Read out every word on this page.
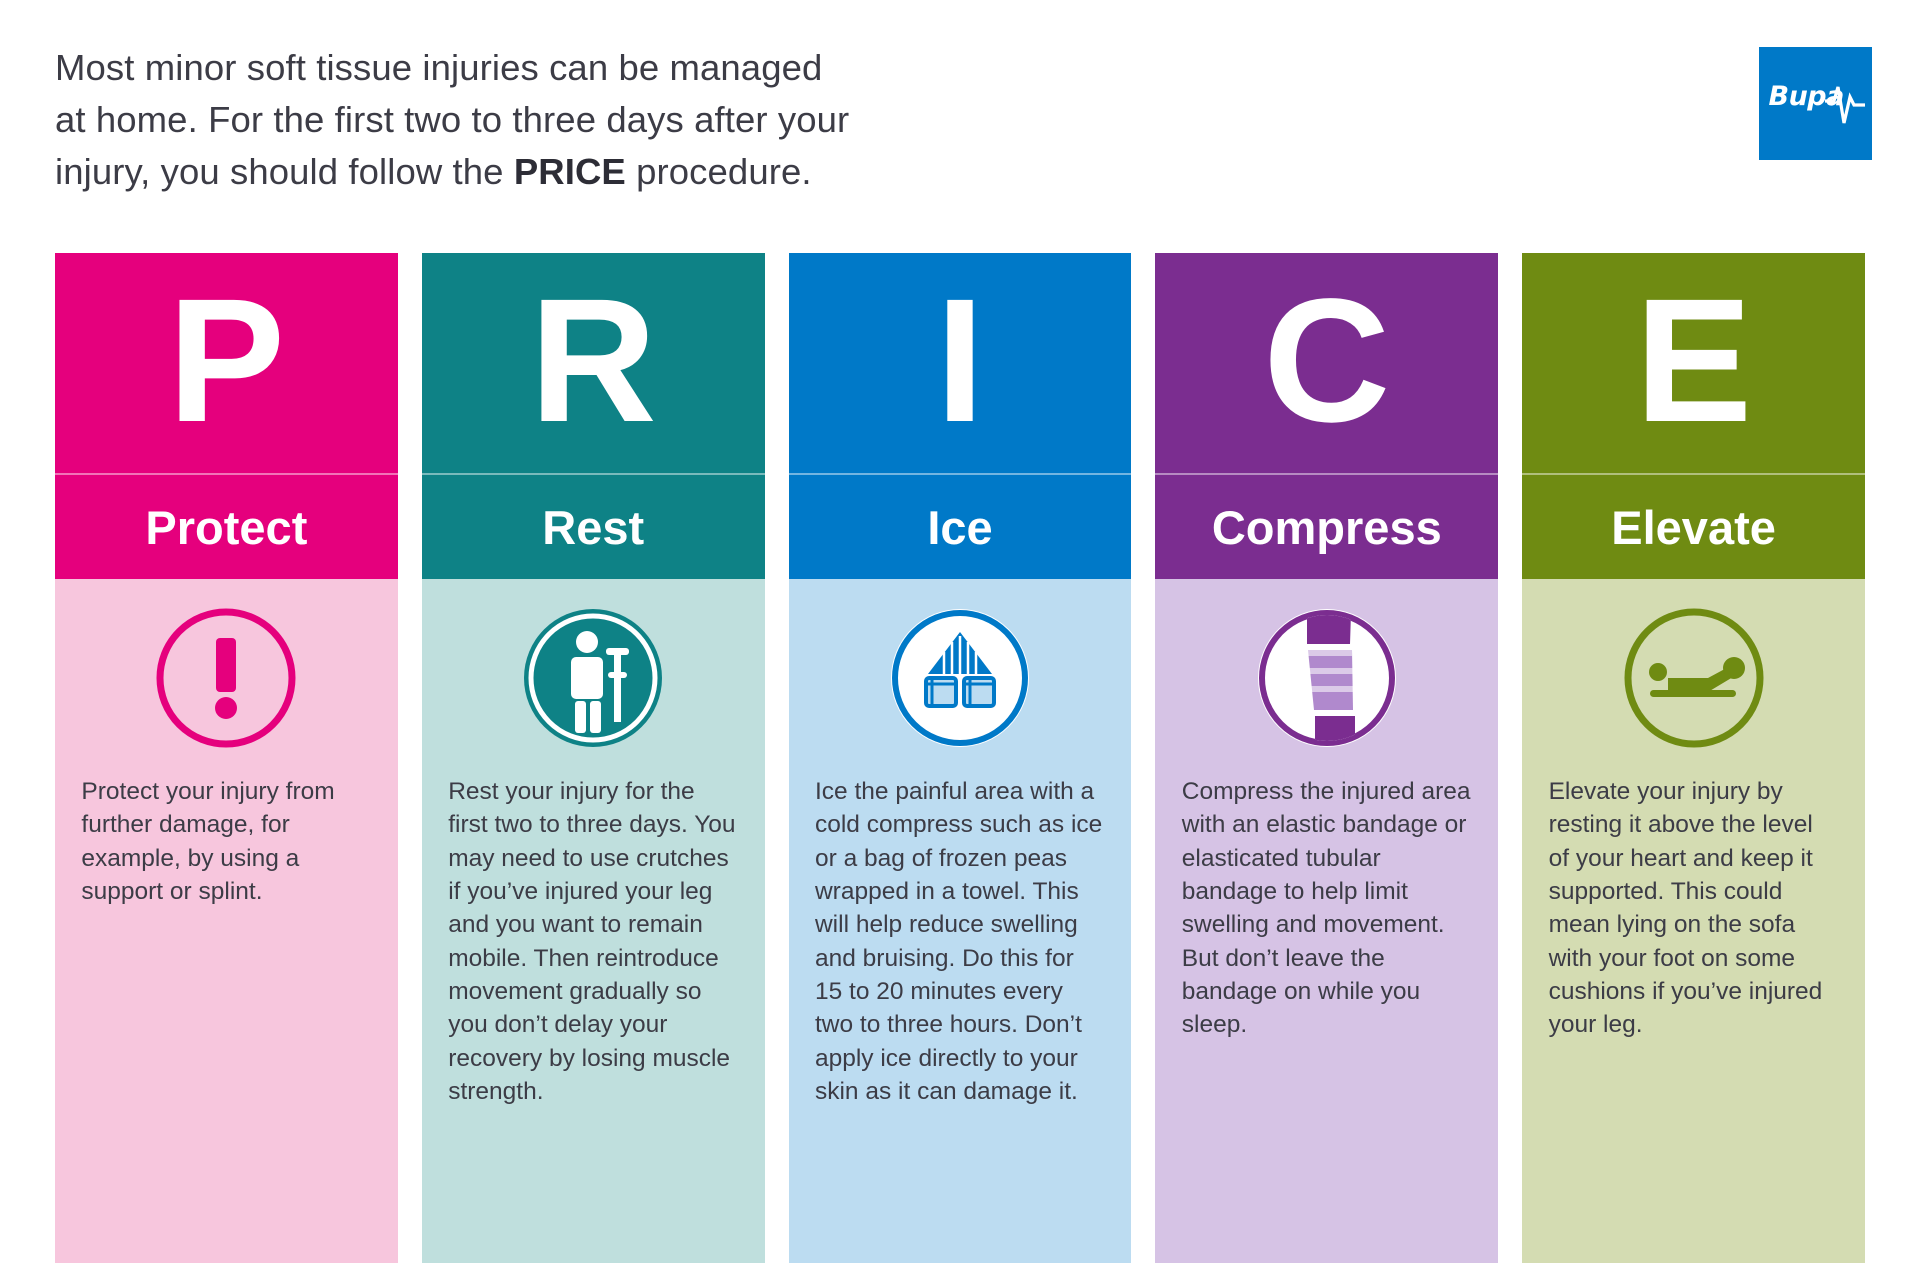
Most minor soft tissue injuries can be managed
at home. For the first two to three days after your
injury, you should follow the PRICE procedure.
Bupa
P
Protect
Protect your injury from further damage, for example, by using a support or splint.
R
Rest
Rest your injury for the first two to three days. You may need to use crutches if you’ve injured your leg and you want to remain mobile. Then reintroduce movement gradually so you don’t delay your recovery by losing muscle strength.
I
Ice
Ice the painful area with a cold compress such as ice or a bag of frozen peas wrapped in a towel. This will help reduce swelling and bruising. Do this for 15 to 20 minutes every two to three hours. Don’t apply ice directly to your skin as it can damage it.
C
Compress
Compress the injured area with an elastic bandage or elasticated tubular bandage to help limit swelling and movement. But don’t leave the bandage on while you sleep.
E
Elevate
Elevate your injury by resting it above the level of your heart and keep it supported. This could mean lying on the sofa with your foot on some cushions if you’ve injured your leg.
